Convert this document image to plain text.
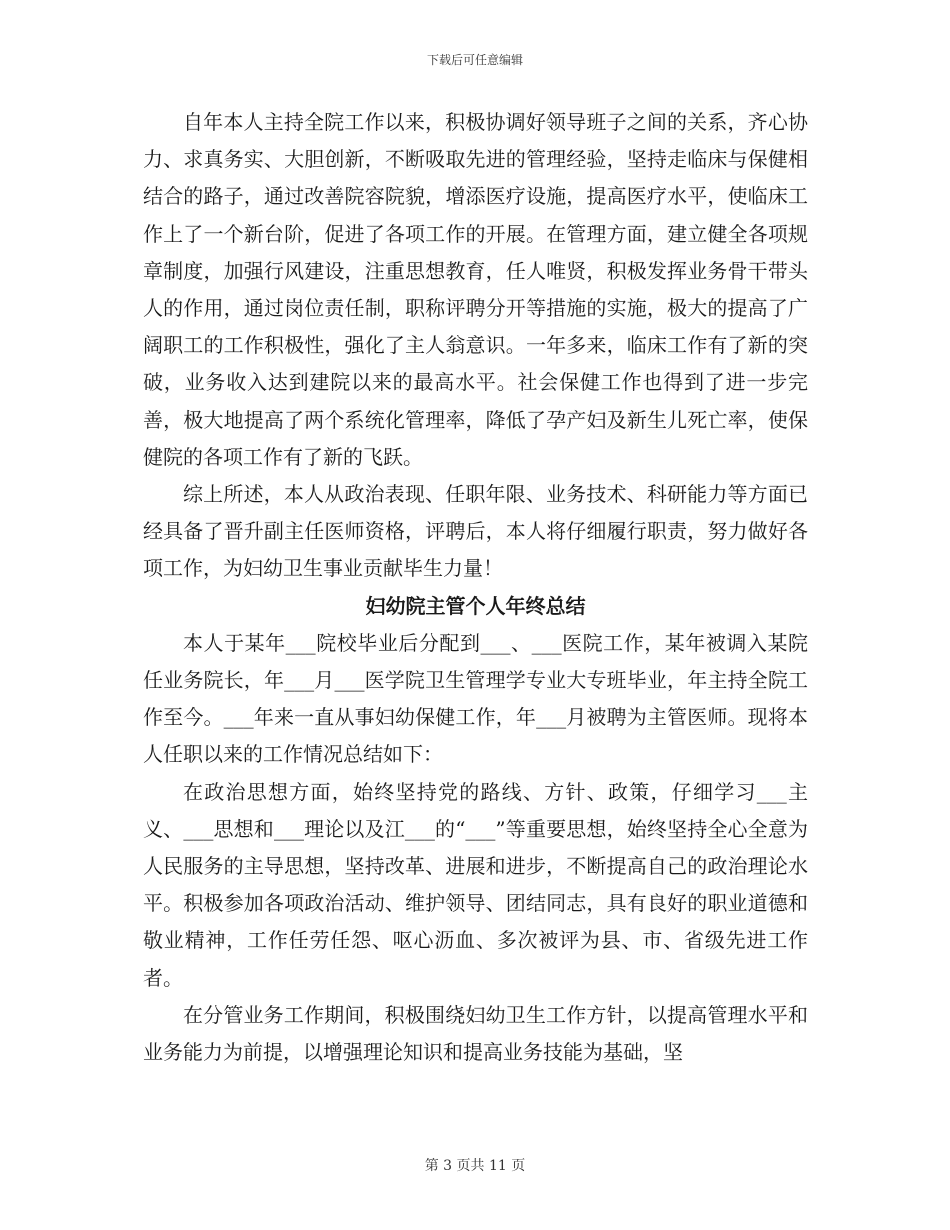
下载后可任意编辑

自年本人主持全院工作以来，积极协调好领导班子之间的关系，齐心协力、求真务实、大胆创新，不断吸取先进的管理经验，坚持走临床与保健相结合的路子，通过改善院容院貌，增添医疗设施，提高医疗水平，使临床工作上了一个新台阶，促进了各项工作的开展。在管理方面，建立健全各项规章制度，加强行风建设，注重思想教育，任人唯贤，积极发挥业务骨干带头人的作用，通过岗位责任制，职称评聘分开等措施的实施，极大的提高了广阔职工的工作积极性，强化了主人翁意识。一年多来，临床工作有了新的突破，业务收入达到建院以来的最高水平。社会保健工作也得到了进一步完善，极大地提高了两个系统化管理率，降低了孕产妇及新生儿死亡率，使保健院的各项工作有了新的飞跃。

综上所述，本人从政治表现、任职年限、业务技术、科研能力等方面已经具备了晋升副主任医师资格，评聘后，本人将仔细履行职责，努力做好各项工作，为妇幼卫生事业贡献毕生力量！

妇幼院主管个人年终总结

本人于某年___院校毕业后分配到___、___医院工作，某年被调入某院任业务院长，年___月___医学院卫生管理学专业大专班毕业，年主持全院工作至今。___年来一直从事妇幼保健工作，年___月被聘为主管医师。现将本人任职以来的工作情况总结如下：

在政治思想方面，始终坚持党的路线、方针、政策，仔细学习___主义、___思想和___理论以及江___的“___”等重要思想，始终坚持全心全意为人民服务的主导思想，坚持改革、进展和进步，不断提高自己的政治理论水平。积极参加各项政治活动、维护领导、团结同志，具有良好的职业道德和敬业精神，工作任劳任怨、呕心沥血、多次被评为县、市、省级先进工作者。

在分管业务工作期间，积极围绕妇幼卫生工作方针，以提高管理水平和业务能力为前提，以增强理论知识和提高业务技能为基础，坚

第 3 页共 11 页
